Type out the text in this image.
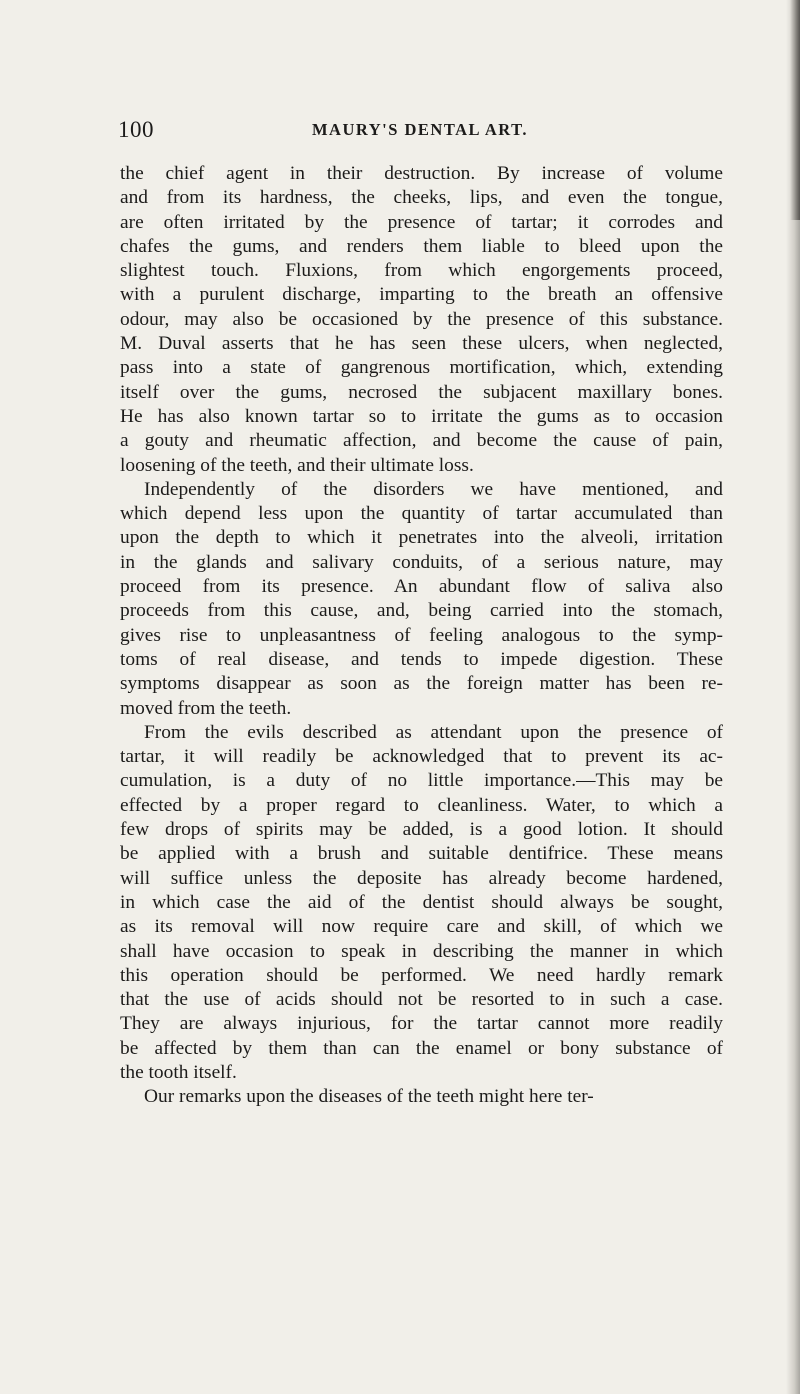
100	MAURY'S DENTAL ART.
the chief agent in their destruction. By increase of volume
and from its hardness, the cheeks, lips, and even the tongue,
are often irritated by the presence of tartar; it corrodes and
chafes the gums, and renders them liable to bleed upon the
slightest touch. Fluxions, from which engorgements proceed,
with a purulent discharge, imparting to the breath an offensive
odour, may also be occasioned by the presence of this substance.
M. Duval asserts that he has seen these ulcers, when neglected,
pass into a state of gangrenous mortification, which, extending
itself over the gums, necrosed the subjacent maxillary bones.
He has also known tartar so to irritate the gums as to occasion
a gouty and rheumatic affection, and become the cause of pain,
loosening of the teeth, and their ultimate loss.
Independently of the disorders we have mentioned, and
which depend less upon the quantity of tartar accumulated than
upon the depth to which it penetrates into the alveoli, irritation
in the glands and salivary conduits, of a serious nature, may
proceed from its presence. An abundant flow of saliva also
proceeds from this cause, and, being carried into the stomach,
gives rise to unpleasantness of feeling analogous to the symp-
toms of real disease, and tends to impede digestion. These
symptoms disappear as soon as the foreign matter has been re-
moved from the teeth.
From the evils described as attendant upon the presence of
tartar, it will readily be acknowledged that to prevent its ac-
cumulation, is a duty of no little importance.—This may be
effected by a proper regard to cleanliness. Water, to which a
few drops of spirits may be added, is a good lotion. It should
be applied with a brush and suitable dentifrice. These means
will suffice unless the deposite has already become hardened,
in which case the aid of the dentist should always be sought,
as its removal will now require care and skill, of which we
shall have occasion to speak in describing the manner in which
this operation should be performed. We need hardly remark
that the use of acids should not be resorted to in such a case.
They are always injurious, for the tartar cannot more readily
be affected by them than can the enamel or bony substance of
the tooth itself.
Our remarks upon the diseases of the teeth might here ter-
